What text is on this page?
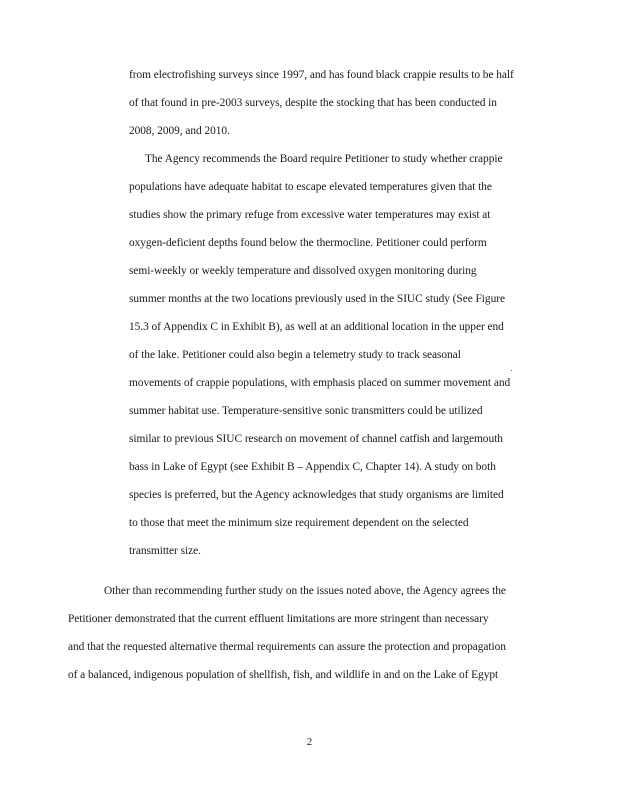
from electrofishing surveys since 1997, and has found black crappie results to be half
of that found in pre-2003 surveys, despite the stocking that has been conducted in
2008, 2009, and 2010.
The Agency recommends the Board require Petitioner to study whether crappie
populations have adequate habitat to escape elevated temperatures given that the
studies show the primary refuge from excessive water temperatures may exist at
oxygen-deficient depths found below the thermocline. Petitioner could perform
semi-weekly or weekly temperature and dissolved oxygen monitoring during
summer months at the two locations previously used in the SIUC study (See Figure
15.3 of Appendix C in Exhibit B), as well at an additional location in the upper end
of the lake. Petitioner could also begin a telemetry study to track seasonal
movements of crappie populations, with emphasis placed on summer movement and
summer habitat use. Temperature-sensitive sonic transmitters could be utilized
similar to previous SIUC research on movement of channel catfish and largemouth
bass in Lake of Egypt (see Exhibit B – Appendix C, Chapter 14). A study on both
species is preferred, but the Agency acknowledges that study organisms are limited
to those that meet the minimum size requirement dependent on the selected
transmitter size.
Other than recommending further study on the issues noted above, the Agency agrees the
Petitioner demonstrated that the current effluent limitations are more stringent than necessary
and that the requested alternative thermal requirements can assure the protection and propagation
of a balanced, indigenous population of shellfish, fish, and wildlife in and on the Lake of Egypt
2
